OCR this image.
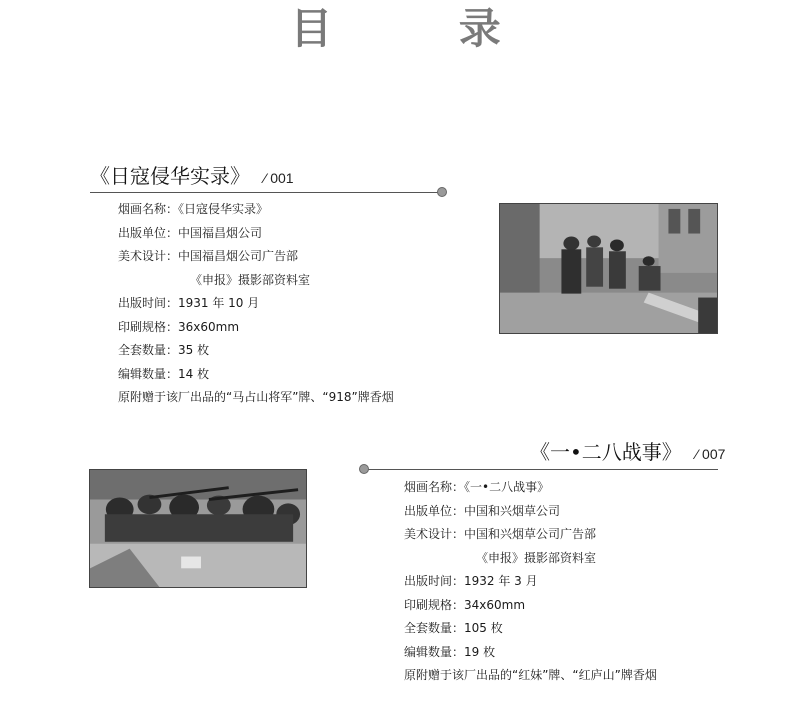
目 录
《日寇侵华实录》 ⁄ 001
烟画名称：《日寇侵华实录》
出版单位：中国福昌烟公司
美术设计：中国福昌烟公司广告部
《申报》摄影部资料室
出版时间：1931 年 10 月
印刷规格：36x60mm
全套数量：35 枚
编辑数量：14 枚
原附赠于该厂出品的“马占山将军”牌、“918”牌香烟
《一•二八战事》 ⁄ 007
烟画名称：《一•二八战事》
出版单位：中国和兴烟草公司
美术设计：中国和兴烟草公司广告部
《申报》摄影部资料室
出版时间：1932 年 3 月
印刷规格：34x60mm
全套数量：105 枚
编辑数量：19 枚
原附赠于该厂出品的“红妹”牌、“红庐山”牌香烟
